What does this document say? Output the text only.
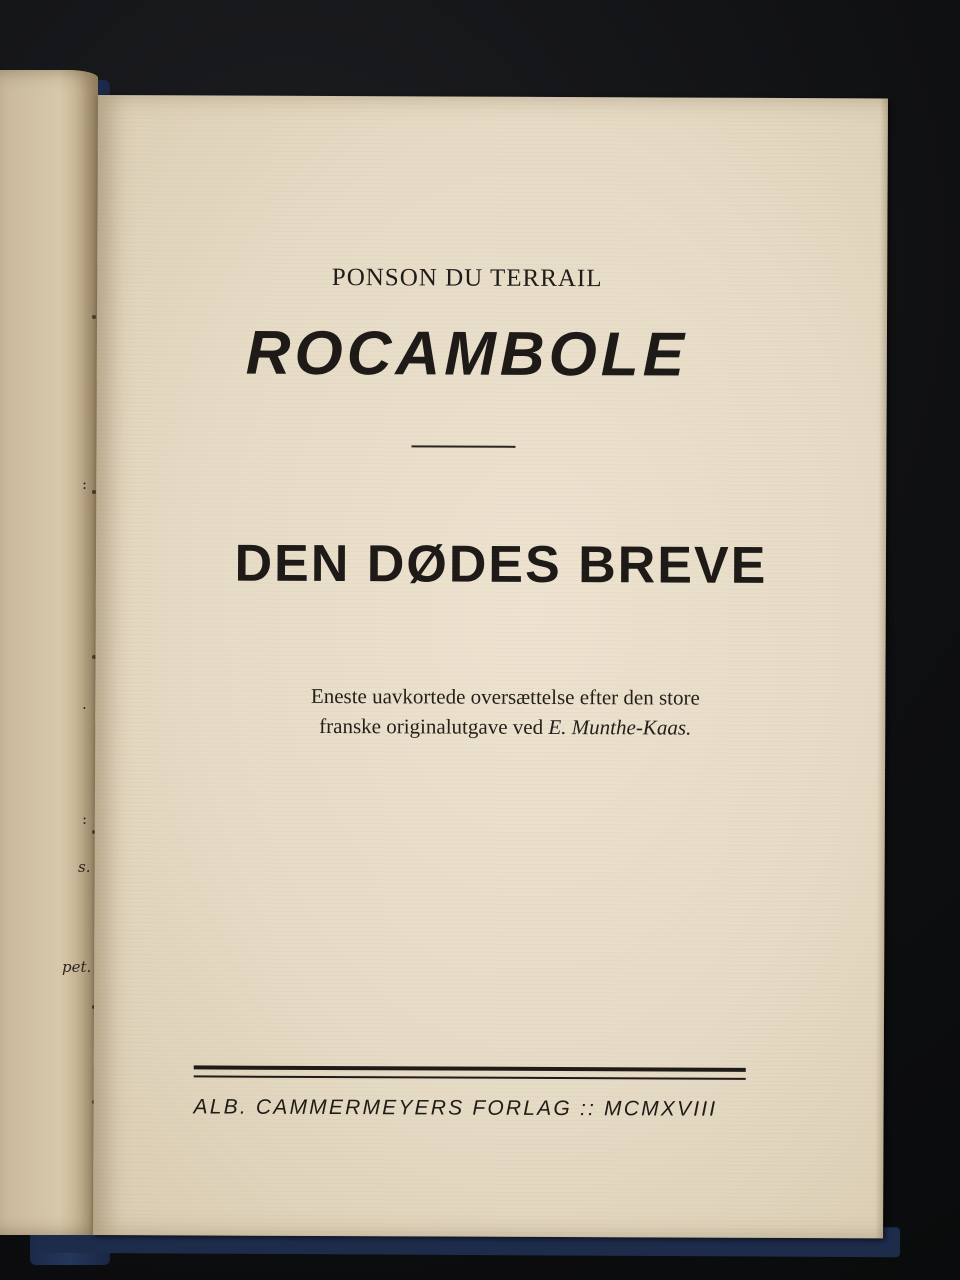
:
.
:
s.
pet.
PONSON DU TERRAIL
ROCAMBOLE
DEN DØDES BREVE
Eneste uavkortede oversættelse efter den store
franske originalutgave ved E. Munthe-Kaas.
ALB. CAMMERMEYERS FORLAG :: MCMXVIII
